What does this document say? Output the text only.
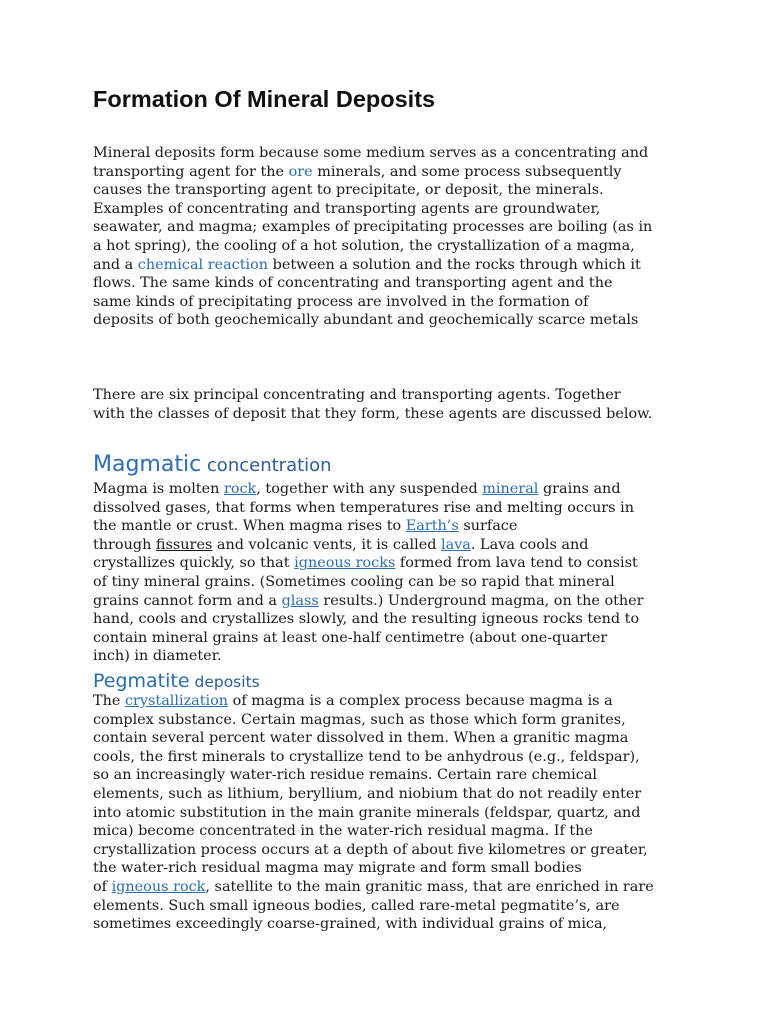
Formation Of Mineral Deposits

Mineral deposits form because some medium serves as a concentrating and
transporting agent for the ore minerals, and some process subsequently
causes the transporting agent to precipitate, or deposit, the minerals.
Examples of concentrating and transporting agents are groundwater,
seawater, and magma; examples of precipitating processes are boiling (as in
a hot spring), the cooling of a hot solution, the crystallization of a magma,
and a chemical reaction between a solution and the rocks through which it
flows. The same kinds of concentrating and transporting agent and the
same kinds of precipitating process are involved in the formation of
deposits of both geochemically abundant and geochemically scarce metals

There are six principal concentrating and transporting agents. Together
with the classes of deposit that they form, these agents are discussed below.

Magmatic concentration

Magma is molten rock, together with any suspended mineral grains and
dissolved gases, that forms when temperatures rise and melting occurs in
the mantle or crust. When magma rises to Earth’s surface
through fissures and volcanic vents, it is called lava. Lava cools and
crystallizes quickly, so that igneous rocks formed from lava tend to consist
of tiny mineral grains. (Sometimes cooling can be so rapid that mineral
grains cannot form and a glass results.) Underground magma, on the other
hand, cools and crystallizes slowly, and the resulting igneous rocks tend to
contain mineral grains at least one-half centimetre (about one-quarter
inch) in diameter.

Pegmatite deposits

The crystallization of magma is a complex process because magma is a
complex substance. Certain magmas, such as those which form granites,
contain several percent water dissolved in them. When a granitic magma
cools, the first minerals to crystallize tend to be anhydrous (e.g., feldspar),
so an increasingly water-rich residue remains. Certain rare chemical
elements, such as lithium, beryllium, and niobium that do not readily enter
into atomic substitution in the main granite minerals (feldspar, quartz, and
mica) become concentrated in the water-rich residual magma. If the
crystallization process occurs at a depth of about five kilometres or greater,
the water-rich residual magma may migrate and form small bodies
of igneous rock, satellite to the main granitic mass, that are enriched in rare
elements. Such small igneous bodies, called rare-metal pegmatite’s, are
sometimes exceedingly coarse-grained, with individual grains of mica,
